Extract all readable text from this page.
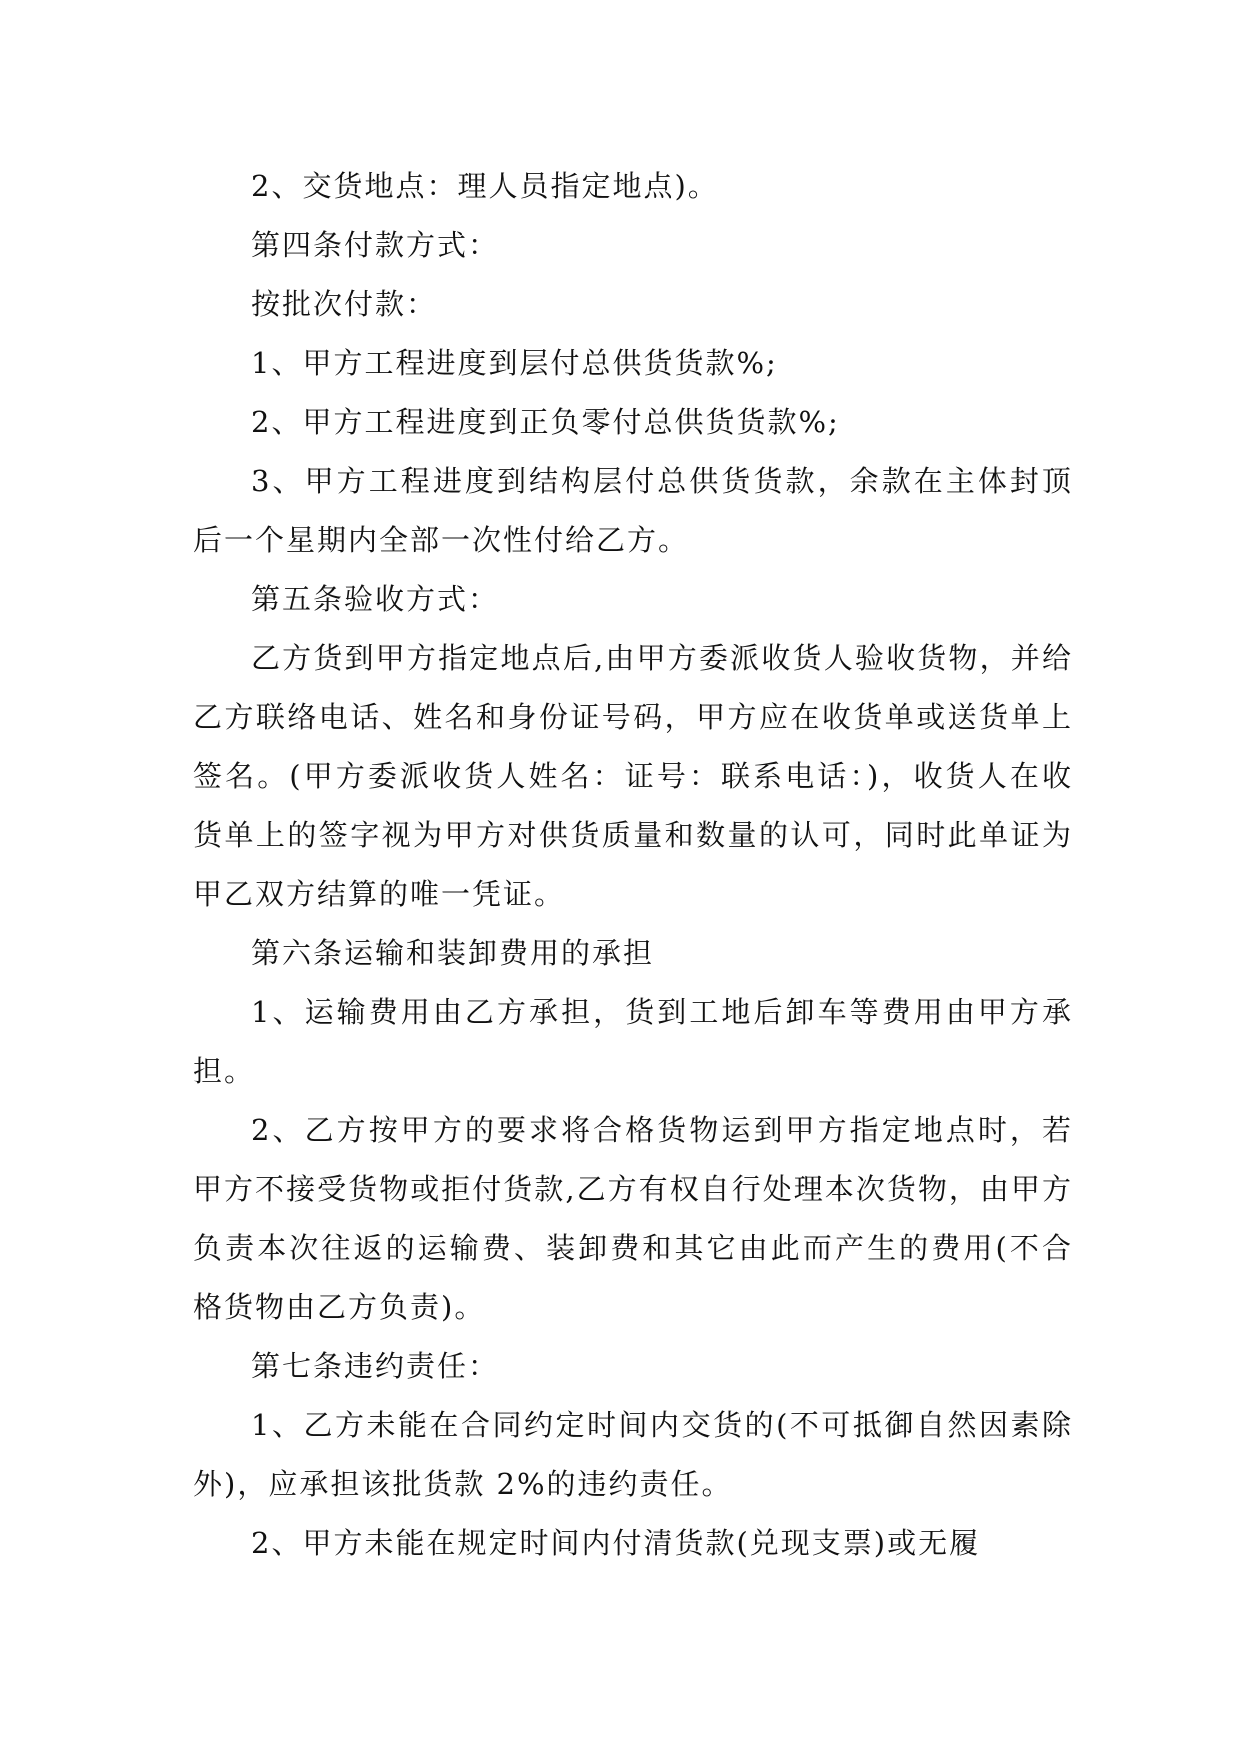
2、交货地点：理人员指定地点)。

第四条付款方式：

按批次付款：

1、甲方工程进度到层付总供货货款%;

2、甲方工程进度到正负零付总供货货款%;

3、甲方工程进度到结构层付总供货货款，余款在主体封顶后一个星期内全部一次性付给乙方。

第五条验收方式：

乙方货到甲方指定地点后,由甲方委派收货人验收货物，并给乙方联络电话、姓名和身份证号码，甲方应在收货单或送货单上签名。(甲方委派收货人姓名：证号：联系电话：)，收货人在收货单上的签字视为甲方对供货质量和数量的认可，同时此单证为甲乙双方结算的唯一凭证。

第六条运输和装卸费用的承担

1、运输费用由乙方承担，货到工地后卸车等费用由甲方承担。

2、乙方按甲方的要求将合格货物运到甲方指定地点时，若甲方不接受货物或拒付货款,乙方有权自行处理本次货物，由甲方负责本次往返的运输费、装卸费和其它由此而产生的费用(不合格货物由乙方负责)。

第七条违约责任：

1、乙方未能在合同约定时间内交货的(不可抵御自然因素除外)，应承担该批货款 2%的违约责任。

2、甲方未能在规定时间内付清货款(兑现支票)或无履
